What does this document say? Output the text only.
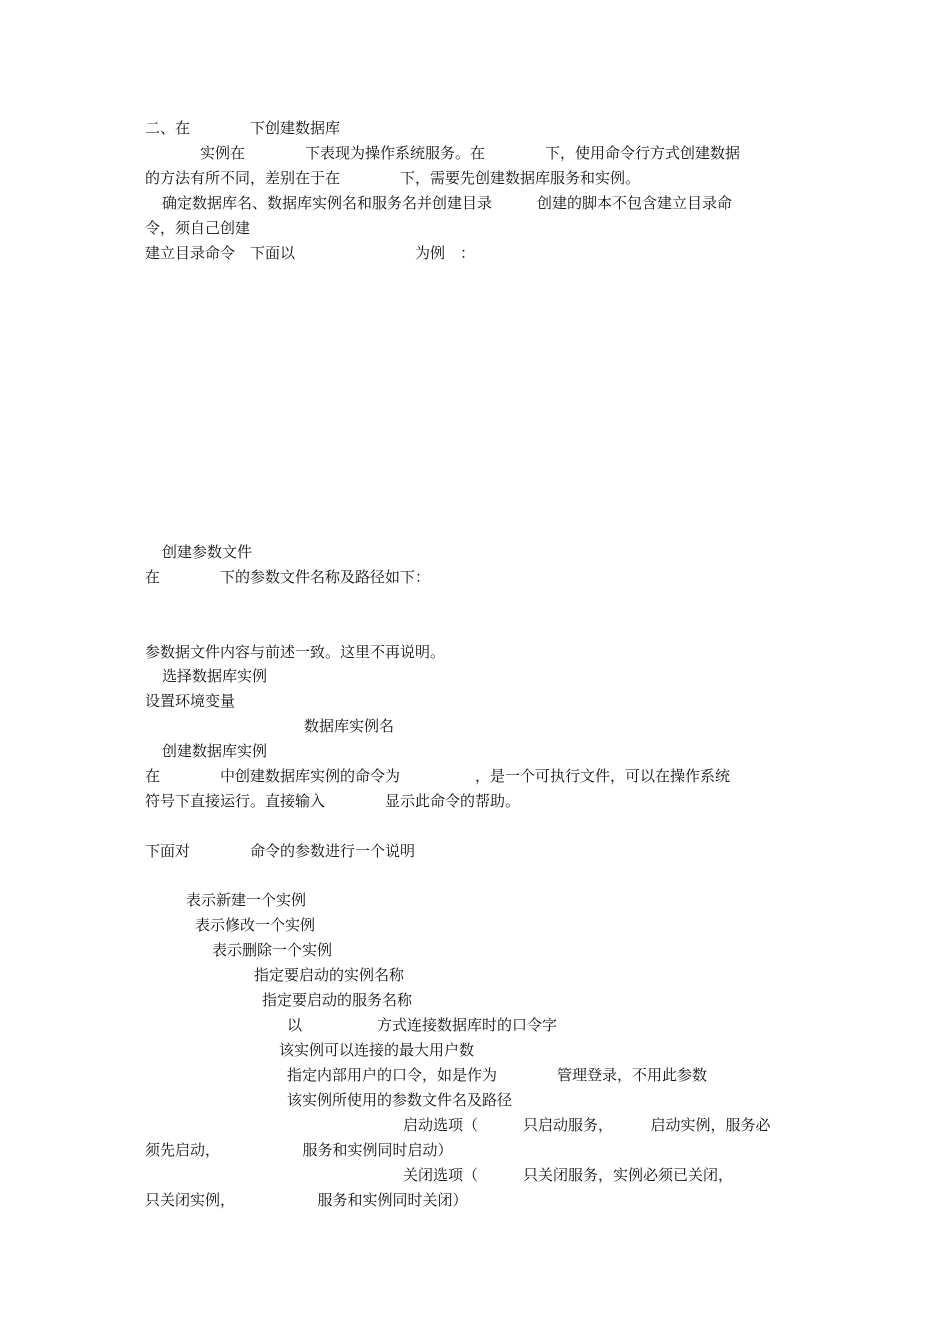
二、在　　　　下创建数据库
实例在　　　　下表现为操作系统服务。在　　　　下，使用命令行方式创建数据
的方法有所不同，差别在于在　　　　下，需要先创建数据库服务和实例。
确定数据库名、数据库实例名和服务名并创建目录　　　创建的脚本不包含建立目录命
令，须自己创建
建立目录命令　下面以　　　　　　　　为例　：
创建参数文件
在　　　　下的参数文件名称及路径如下：
参数据文件内容与前述一致。这里不再说明。
选择数据库实例
设置环境变量
数据库实例名
创建数据库实例
在　　　　中创建数据库实例的命令为　　　　　，是一个可执行文件，可以在操作系统
符号下直接运行。直接输入　　　　显示此命令的帮助。
下面对　　　　命令的参数进行一个说明
表示新建一个实例
表示修改一个实例
表示删除一个实例
指定要启动的实例名称
指定要启动的服务名称
以　　　　　方式连接数据库时的口令字
该实例可以连接的最大用户数
指定内部用户的口令，如是作为　　　　管理登录，不用此参数
该实例所使用的参数文件名及路径
启动选项（　　　只启动服务，　　　启动实例，服务必
须先启动，　　　　　　服务和实例同时启动）
关闭选项（　　　只关闭服务，实例必须已关闭，
只关闭实例，　　　　　　服务和实例同时关闭）
